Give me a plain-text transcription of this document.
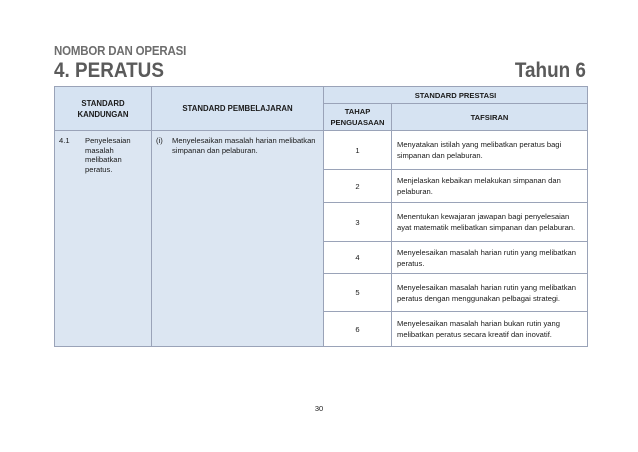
NOMBOR DAN OPERASI
4. PERATUS	Tahun 6
STANDARD KANDUNGAN	STANDARD PEMBELAJARAN	STANDARD PRESTASI	
		TAHAP PENGUASAAN	TAFSIRAN

4.1 Penyelesaian masalah melibatkan peratus.	(i) Menyelesaikan masalah harian melibatkan simpanan dan pelaburan.	1	Menyatakan istilah yang melibatkan peratus bagi simpanan dan pelaburan.
		2	Menjelaskan kebaikan melakukan simpanan dan pelaburan.
		3	Menentukan kewajaran jawapan bagi penyelesaian ayat matematik melibatkan simpanan dan pelaburan.
		4	Menyelesaikan masalah harian rutin yang melibatkan peratus.
		5	Menyelesaikan masalah harian rutin yang melibatkan peratus dengan menggunakan pelbagai strategi.
		6	Menyelesaikan masalah harian bukan rutin yang melibatkan peratus secara kreatif dan inovatif.
30
